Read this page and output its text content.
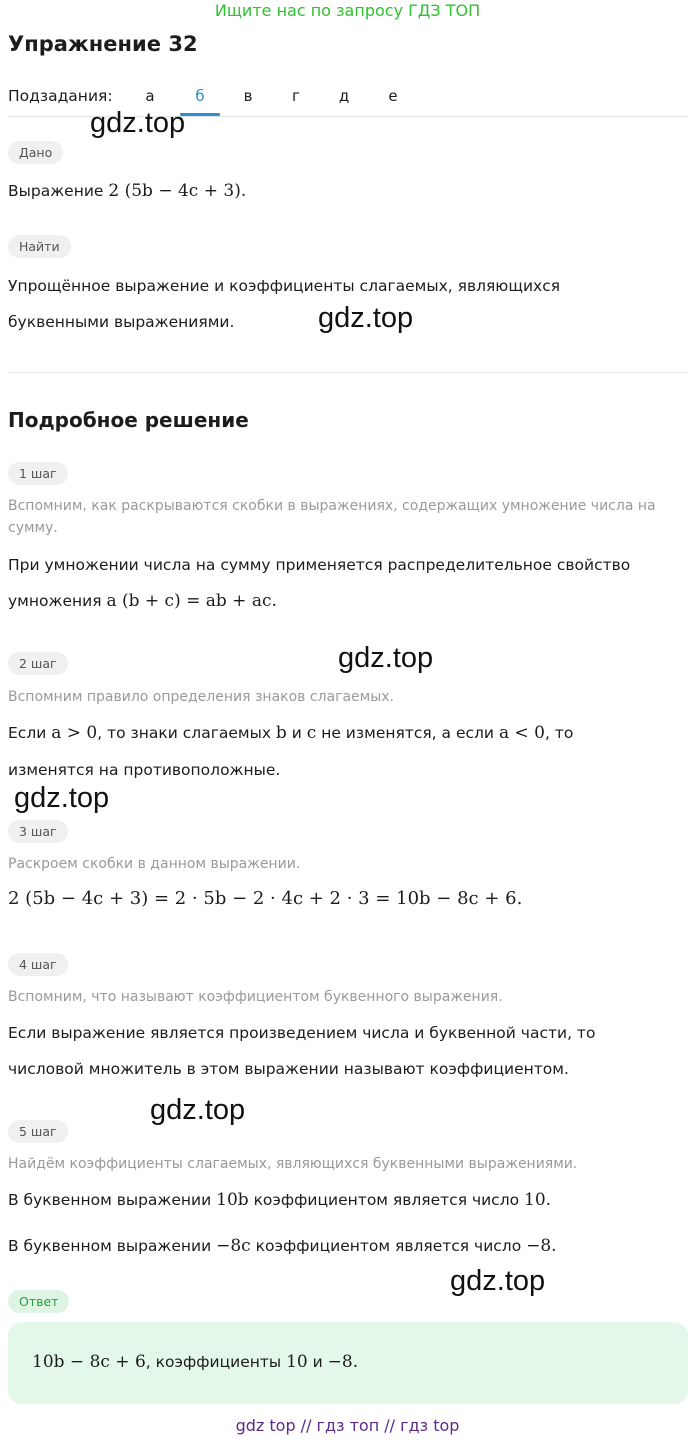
Ищите нас по запросу ГДЗ ТОП
Упражнение 32
Подзадания:	а	б	в	г	д	е
Дано
Выражение 2 (5b − 4c + 3).
Найти
Упрощённое выражение и коэффициенты слагаемых, являющихся
буквенными выражениями.
Подробное решение
1 шаг
Вспомним, как раскрываются скобки в выражениях, содержащих умножение числа на сумму.
При умножении числа на сумму применяется распределительное свойство
умножения a (b + c) = ab + ac.
2 шаг
Вспомним правило определения знаков слагаемых.
Если a > 0, то знаки слагаемых b и c не изменятся, а если a < 0, то
изменятся на противоположные.
3 шаг
Раскроем скобки в данном выражении.
2 (5b − 4c + 3) = 2 · 5b − 2 · 4c + 2 · 3 = 10b − 8c + 6.
4 шаг
Вспомним, что называют коэффициентом буквенного выражения.
Если выражение является произведением числа и буквенной части, то
числовой множитель в этом выражении называют коэффициентом.
5 шаг
Найдём коэффициенты слагаемых, являющихся буквенными выражениями.
В буквенном выражении 10b коэффициентом является число 10.
В буквенном выражении −8c коэффициентом является число −8.
Ответ
10b − 8c + 6, коэффициенты 10 и −8.
gdz.top
gdz.top
gdz.top
gdz.top
gdz.top
gdz.top
gdz top // гдз топ // гдз top
